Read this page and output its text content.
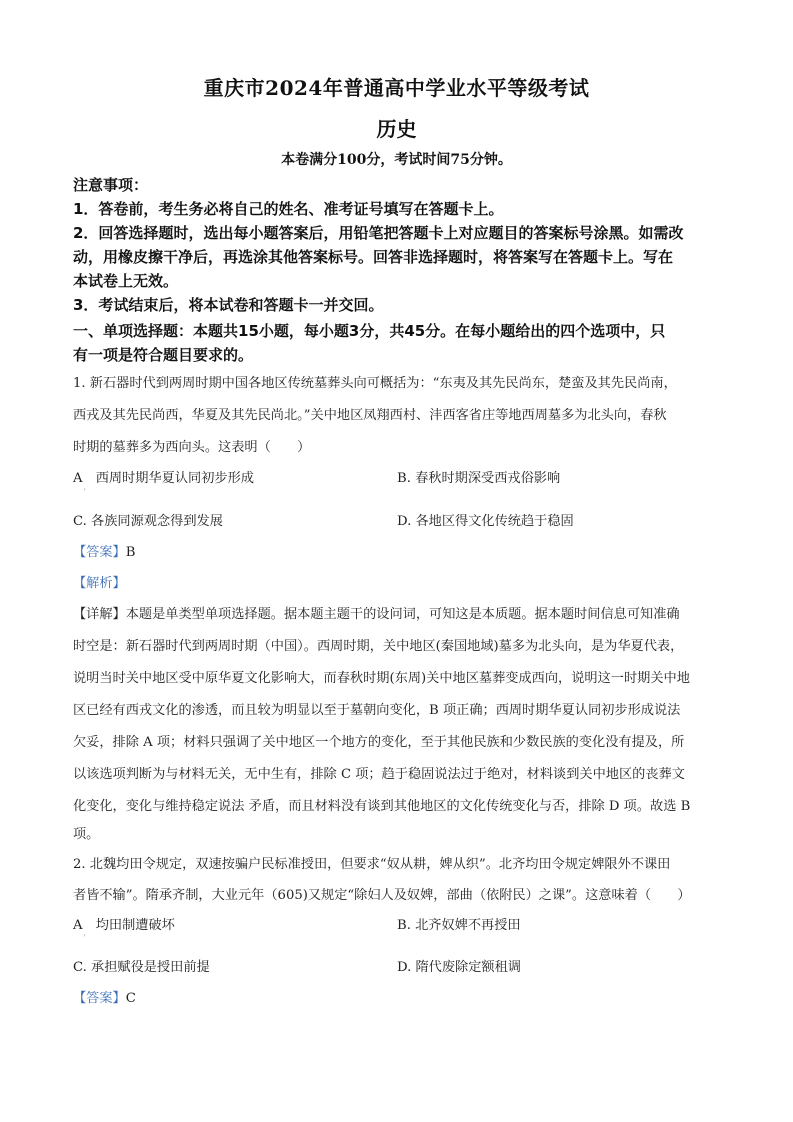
重庆市2024年普通高中学业水平等级考试
历史
本卷满分100分，考试时间75分钟。
注意事项：
1．答卷前，考生务必将自己的姓名、准考证号填写在答题卡上。
2．回答选择题时，选出每小题答案后，用铅笔把答题卡上对应题目的答案标号涂黑。如需改
动，用橡皮擦干净后，再选涂其他答案标号。回答非选择题时，将答案写在答题卡上。写在
本试卷上无效。
3．考试结束后，将本试卷和答题卡一并交回。
一、单项选择题：本题共15小题，每小题3分，共45分。在每小题给出的四个选项中，只
有一项是符合题目要求的。
1. 新石器时代到两周时期中国各地区传统墓葬头向可概括为：“东夷及其先民尚东，楚蛮及其先民尚南，
西戎及其先民尚西，华夏及其先民尚北。”关中地区凤翔西村、沣西客省庄等地西周墓多为北头向，春秋
时期的墓葬多为西向头。这表明（　　）
A　西周时期华夏认同初步形成
'
B. 春秋时期深受西戎俗影响
C. 各族同源观念得到发展	D. 各地区得文化传统趋于稳固
【答案】B
【解析】
【详解】本题是单类型单项选择题。据本题主题干的设问词，可知这是本质题。据本题时间信息可知准确
时空是：新石器时代到两周时期（中国）。西周时期，关中地区(秦国地域)墓多为北头向，是为华夏代表，
说明当时关中地区受中原华夏文化影响大，而春秋时期(东周)关中地区墓葬变成西向，说明这一时期关中地
区已经有西戎文化的渗透，而且较为明显以至于墓朝向变化，B 项正确；西周时期华夏认同初步形成说法
欠妥，排除 A 项；材料只强调了关中地区一个地方的变化，至于其他民族和少数民族的变化没有提及，所
以该选项判断为与材料无关，无中生有，排除 C 项；趋于稳固说法过于绝对，材料谈到关中地区的丧葬文
化变化，变化与维持稳定说法 矛盾，而且材料没有谈到其他地区的文化传统变化与否，排除 D 项。故选 B
项。
2. 北魏均田令规定，双速按骗户民标准授田，但要求“奴从耕，婢从织”。北齐均田令规定婢限外不课田
者皆不输”。隋承齐制，大业元年（605)又规定“除妇人及奴婢，部曲（依附民）之课”。这意味着（　　）
A　均田制遭破坏
'
B. 北齐奴婢不再授田
C. 承担赋役是授田前提	D. 隋代废除定额租调
【答案】C
